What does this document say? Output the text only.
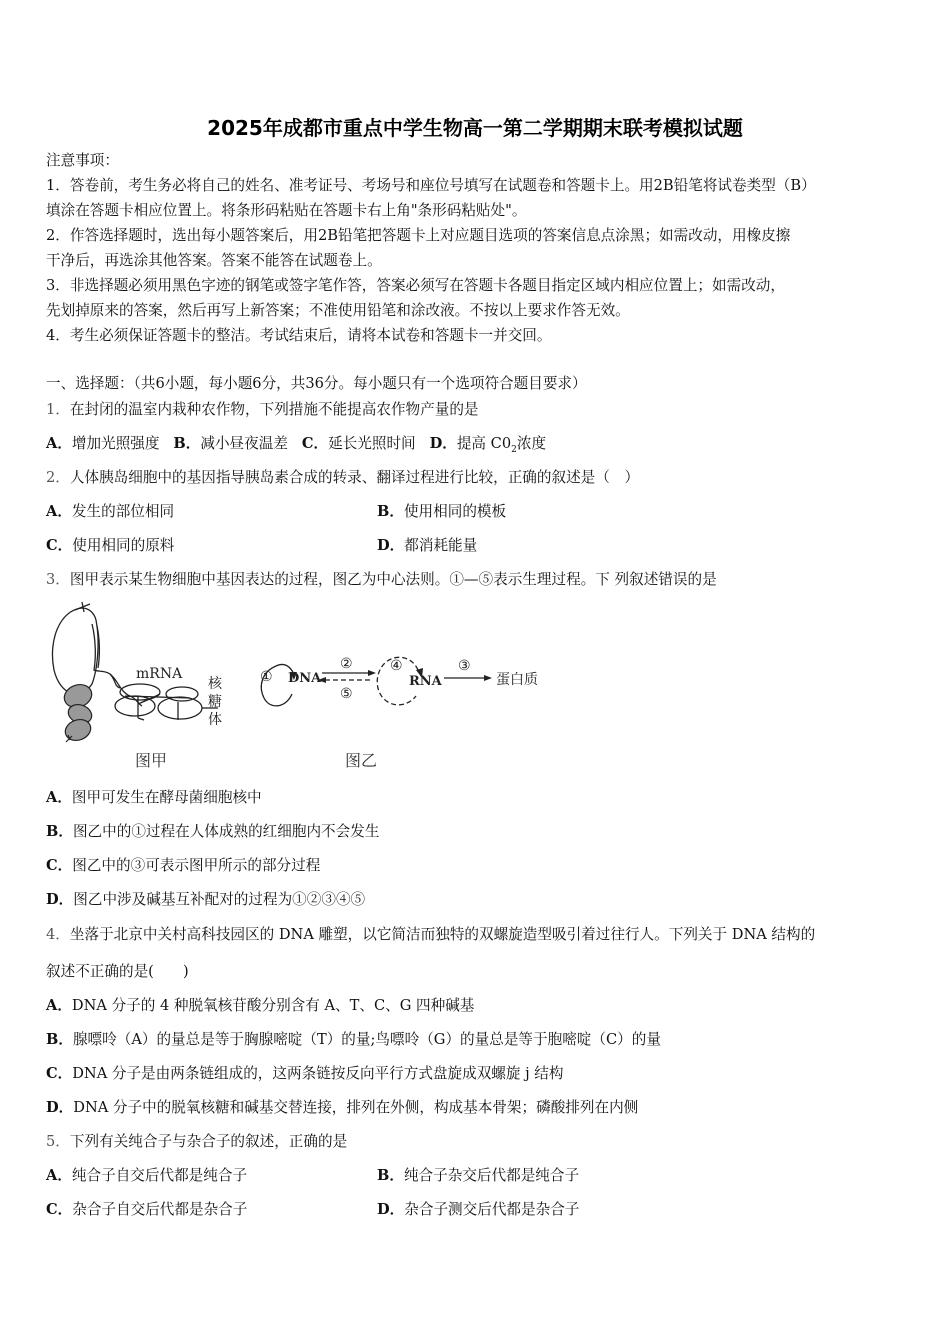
2025年成都市重点中学生物高一第二学期期末联考模拟试题
注意事项：
1．答卷前，考生务必将自己的姓名、准考证号、考场号和座位号填写在试题卷和答题卡上。用2B铅笔将试卷类型（B）
填涂在答题卡相应位置上。将条形码粘贴在答题卡右上角"条形码粘贴处"。
2．作答选择题时，选出每小题答案后，用2B铅笔把答题卡上对应题目选项的答案信息点涂黑；如需改动，用橡皮擦
干净后，再选涂其他答案。答案不能答在试题卷上。
3．非选择题必须用黑色字迹的钢笔或签字笔作答，答案必须写在答题卡各题目指定区域内相应位置上；如需改动，
先划掉原来的答案，然后再写上新答案；不准使用铅笔和涂改液。不按以上要求作答无效。
4．考生必须保证答题卡的整洁。考试结束后，请将本试卷和答题卡一并交回。
一、选择题：（共6小题，每小题6分，共36分。每小题只有一个选项符合题目要求）
1．在封闭的温室内栽种农作物，下列措施不能提高农作物产量的是
A．增加光照强度 B．减小昼夜温差 C．延长光照时间 D．提高 $C0_2$浓度
2．人体胰岛细胞中的基因指导胰岛素合成的转录、翻译过程进行比较，正确的叙述是（　）
A．发生的部位相同	B．使用相同的模板
C．使用相同的原料	D．都消耗能量
3．图甲表示某生物细胞中基因表达的过程，图乙为中心法则。①—⑤表示生理过程。下 列叙述错误的是
mRNA
核
糖
体
① DNA
②
⑤
④
RNA
③
蛋白质
图甲	图乙
A．图甲可发生在酵母菌细胞核中
B．图乙中的①过程在人体成熟的红细胞内不会发生
C．图乙中的③可表示图甲所示的部分过程
D．图乙中涉及碱基互补配对的过程为①②③④⑤
4．坐落于北京中关村高科技园区的 DNA 雕塑，以它简洁而独特的双螺旋造型吸引着过往行人。下列关于 DNA 结构的
叙述不正确的是(　　)
A．DNA 分子的 4 种脱氧核苷酸分别含有 A、T、C、G 四种碱基
B．腺嘌呤（A）的量总是等于胸腺嘧啶（T）的量;鸟嘌呤（G）的量总是等于胞嘧啶（C）的量
C．DNA 分子是由两条链组成的，这两条链按反向平行方式盘旋成双螺旋 j 结构
D．DNA 分子中的脱氧核糖和碱基交替连接，排列在外侧，构成基本骨架；磷酸排列在内侧
5．下列有关纯合子与杂合子的叙述，正确的是
A．纯合子自交后代都是纯合子	B．纯合子杂交后代都是纯合子
C．杂合子自交后代都是杂合子	D．杂合子测交后代都是杂合子
